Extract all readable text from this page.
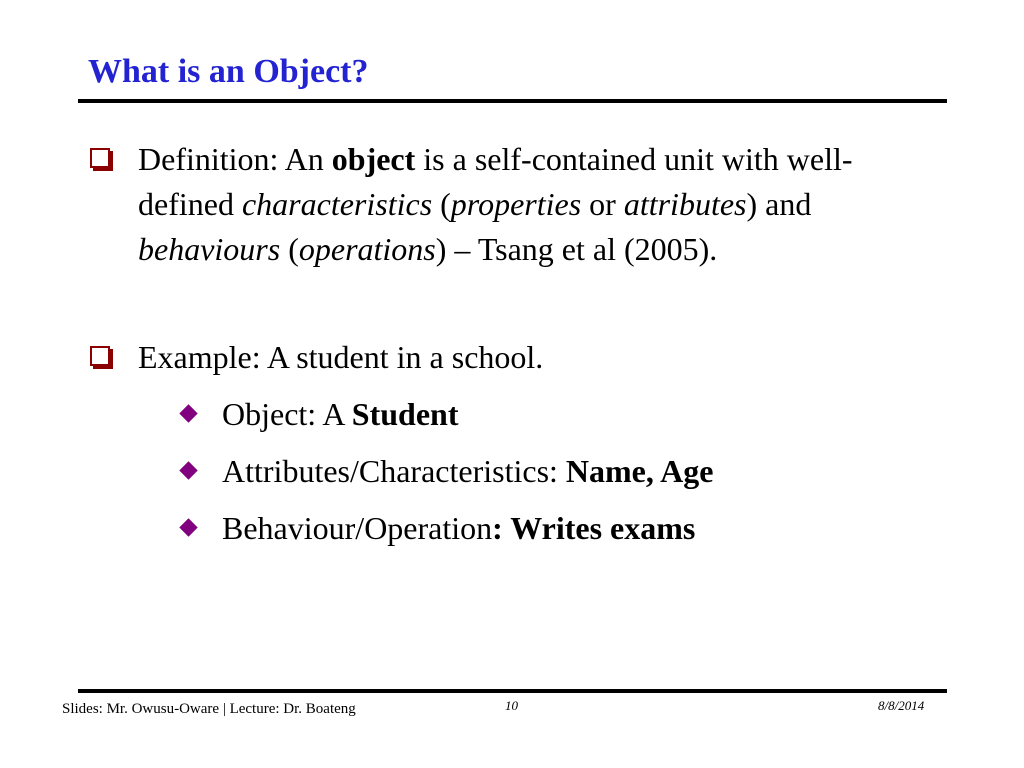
What is an Object?
Definition: An object is a self-contained unit with well-defined characteristics (properties or attributes) and behaviours (operations) – Tsang et al (2005).
Example: A student in a school.
Object: A Student
Attributes/Characteristics: Name, Age
Behaviour/Operation: Writes exams
Slides: Mr. Owusu-Oware | Lecture: Dr. Boateng	10	8/8/2014
